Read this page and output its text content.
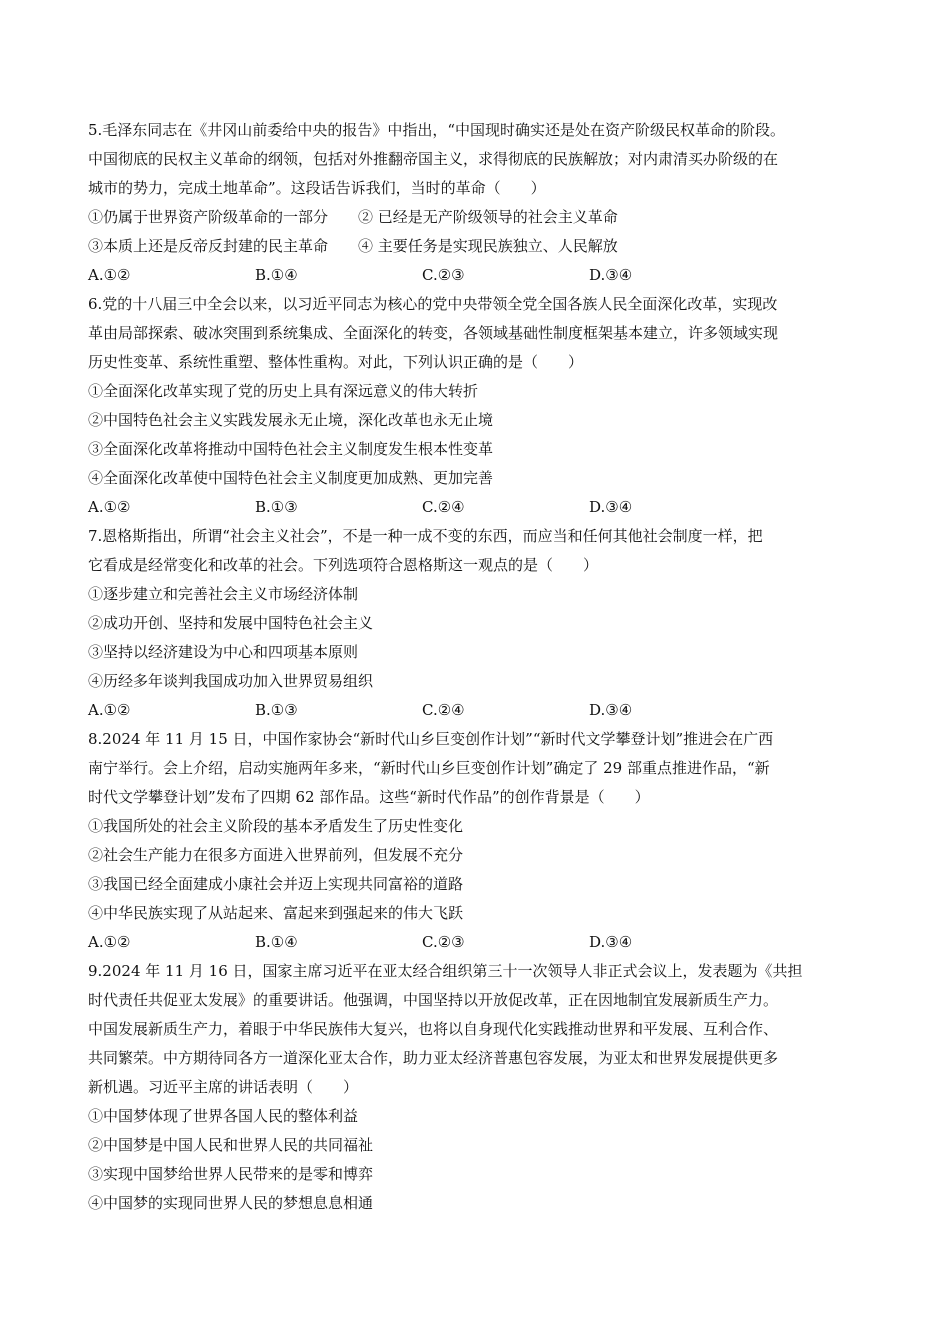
5.毛泽东同志在《井冈山前委给中央的报告》中指出，“中国现时确实还是处在资产阶级民权革命的阶段。
中国彻底的民权主义革命的纲领，包括对外推翻帝国主义，求得彻底的民族解放；对内肃清买办阶级的在
城市的势力，完成土地革命”。这段话告诉我们，当时的革命（　　）
①仍属于世界资产阶级革命的一部分　　② 已经是无产阶级领导的社会主义革命
③本质上还是反帝反封建的民主革命　　④ 主要任务是实现民族独立、人民解放
A.①②	B.①④	C.②③	D.③④
6.党的十八届三中全会以来，以习近平同志为核心的党中央带领全党全国各族人民全面深化改革，实现改
革由局部探索、破冰突围到系统集成、全面深化的转变，各领域基础性制度框架基本建立，许多领域实现
历史性变革、系统性重塑、整体性重构。对此，下列认识正确的是（　　）
①全面深化改革实现了党的历史上具有深远意义的伟大转折
②中国特色社会主义实践发展永无止境，深化改革也永无止境
③全面深化改革将推动中国特色社会主义制度发生根本性变革
④全面深化改革使中国特色社会主义制度更加成熟、更加完善
A.①②	B.①③	C.②④	D.③④
7.恩格斯指出，所谓“社会主义社会”，不是一种一成不变的东西，而应当和任何其他社会制度一样，把
它看成是经常变化和改革的社会。下列选项符合恩格斯这一观点的是（　　）
①逐步建立和完善社会主义市场经济体制
②成功开创、坚持和发展中国特色社会主义
③坚持以经济建设为中心和四项基本原则
④历经多年谈判我国成功加入世界贸易组织
A.①②	B.①③	C.②④	D.③④
8.2024 年 11 月 15 日，中国作家协会“新时代山乡巨变创作计划”“新时代文学攀登计划”推进会在广西
南宁举行。会上介绍，启动实施两年多来，“新时代山乡巨变创作计划”确定了 29 部重点推进作品，“新
时代文学攀登计划”发布了四期 62 部作品。这些“新时代作品”的创作背景是（　　）
①我国所处的社会主义阶段的基本矛盾发生了历史性变化
②社会生产能力在很多方面进入世界前列，但发展不充分
③我国已经全面建成小康社会并迈上实现共同富裕的道路
④中华民族实现了从站起来、富起来到强起来的伟大飞跃
A.①②	B.①④	C.②③	D.③④
9.2024 年 11 月 16 日，国家主席习近平在亚太经合组织第三十一次领导人非正式会议上，发表题为《共担
时代责任共促亚太发展》的重要讲话。他强调，中国坚持以开放促改革，正在因地制宜发展新质生产力。
中国发展新质生产力，着眼于中华民族伟大复兴，也将以自身现代化实践推动世界和平发展、互利合作、
共同繁荣。中方期待同各方一道深化亚太合作，助力亚太经济普惠包容发展，为亚太和世界发展提供更多
新机遇。习近平主席的讲话表明（　　）
①中国梦体现了世界各国人民的整体利益
②中国梦是中国人民和世界人民的共同福祉
③实现中国梦给世界人民带来的是零和博弈
④中国梦的实现同世界人民的梦想息息相通
